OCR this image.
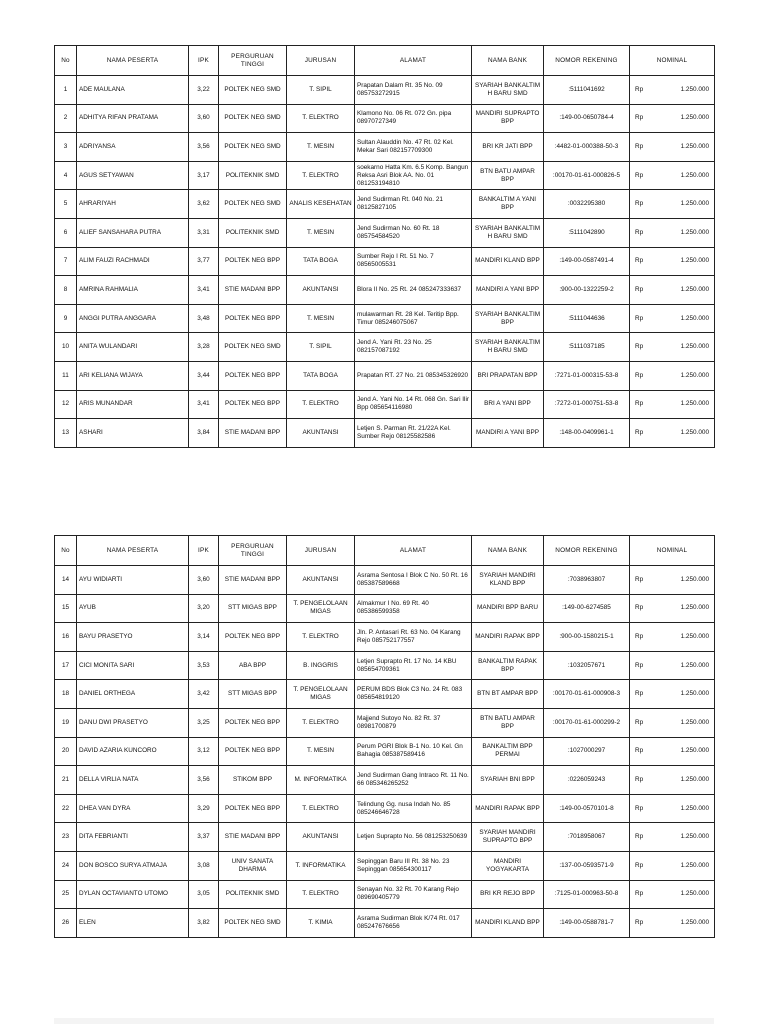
No	NAMA PESERTA	IPK	PERGURUAN TINGGI	JURUSAN	ALAMAT	NAMA BANK	NOMOR REKENING	NOMINAL
1	ADE MAULANA	3,22	POLTEK NEG SMD	T. SIPIL	Prapatan Dalam Rt. 35 No. 09 085753272915	SYARIAH BANKALTIM H BARU SMD	:5111041692	Rp 1.250.000

2	ADHITYA RIFAN PRATAMA	3,60	POLTEK NEG SMD	T. ELEKTRO	Klamono No. 06 Rt. 072 Gn. pipa 08970727349	MANDIRI SUPRAPTO BPP	:149-00-0650784-4	Rp 1.250.000

3	ADRIYANSA	3,56	POLTEK NEG SMD	T. MESIN	Sultan Alauddin No. 47 Rt. 02 Kel. Mekar Sari 082157709300	BRI KR JATI BPP	:4482-01-000388-50-3	Rp 1.250.000

4	AGUS SETYAWAN	3,17	POLITEKNIK SMD	T. ELEKTRO	soekarno Hatta Km. 6.5 Komp. Bangun Reksa Asri Blok AA. No. 01 081253194810	BTN BATU AMPAR BPP	:00170-01-61-000826-5	Rp 1.250.000

5	AHRARIYAH	3,62	POLTEK NEG SMD	ANALIS KESEHATAN	Jend Sudirman Rt. 040 No. 21 08125827105	BANKALTIM A YANI BPP	:0032295380	Rp 1.250.000

6	ALIEF SANSAHARA PUTRA	3,31	POLITEKNIK SMD	T. MESIN	Jend Sudirman No. 60 Rt. 18 085754584520	SYARIAH BANKALTIM H BARU SMD	:5111042890	Rp 1.250.000

7	ALIM FAUZI RACHMADI	3,77	POLTEK NEG BPP	TATA BOGA	Sumber Rejo I Rt. 51 No. 7 08565005531	MANDIRI KLAND BPP	:149-00-0587491-4	Rp 1.250.000

8	AMRINA RAHMALIA	3,41	STIE MADANI BPP	AKUNTANSI	Blora II No. 25 Rt. 24 085247333637	MANDIRI A YANI BPP	:900-00-1322259-2	Rp 1.250.000

9	ANGGI PUTRA ANGGARA	3,48	POLTEK NEG BPP	T. MESIN	mulawarman Rt. 28 Kel. Teritip Bpp. Timur 085246075067	SYARIAH BANKALTIM BPP	:5111044636	Rp 1.250.000

10	ANITA WULANDARI	3,28	POLTEK NEG SMD	T. SIPIL	Jend A. Yani Rt. 23 No. 25 082157087192	SYARIAH BANKALTIM H BARU SMD	:5111037185	Rp 1.250.000

11	ARI KELIANA WIJAYA	3,44	POLTEK NEG BPP	TATA BOGA	Prapatan RT. 27 No. 21 085345326920	BRI PRAPATAN BPP	:7271-01-000315-53-8	Rp 1.250.000

12	ARIS MUNANDAR	3,41	POLTEK NEG BPP	T. ELEKTRO	Jend A. Yani No. 14 Rt. 068 Gn. Sari Ilir Bpp 085654116980	BRI A YANI BPP	:7272-01-000751-53-8	Rp 1.250.000

13	ASHARI	3,84	STIE MADANI BPP	AKUNTANSI	Letjen S. Parman Rt. 21/22A Kel. Sumber Rejo 08125582586	MANDIRI A YANI BPP	:148-00-0409961-1	Rp 1.250.000
No	NAMA PESERTA	IPK	PERGURUAN TINGGI	JURUSAN	ALAMAT	NAMA BANK	NOMOR REKENING	NOMINAL
14	AYU WIDIARTI	3,60	STIE MADANI BPP	AKUNTANSI	Asrama Sentosa I Blok C No. 50 Rt. 16 085387589668	SYARIAH MANDIRI KLAND BPP	:7038963807	Rp 1.250.000

15	AYUB	3,20	STT MIGAS BPP	T. PENGELOLAAN MIGAS	Almakmur I No. 69 Rt. 40 085386599358	MANDIRI BPP BARU	:149-00-6274585	Rp 1.250.000

16	BAYU PRASETYO	3,14	POLTEK NEG BPP	T. ELEKTRO	Jln. P. Antasari Rt. 63 No. 04 Karang Rejo 085752177557	MANDIRI RAPAK BPP	:900-00-1580215-1	Rp 1.250.000

17	CICI MONITA SARI	3,53	ABA BPP	B. INGGRIS	Letjen Suprapto Rt. 17 No. 14 KBU 085654709361	BANKALTIM RAPAK BPP	:1032057671	Rp 1.250.000

18	DANIEL ORTHEGA	3,42	STT MIGAS BPP	T. PENGELOLAAN MIGAS	PERUM BDS Blok C3 No. 24 Rt. 083 085654819120	BTN BT AMPAR BPP	:00170-01-61-000908-3	Rp 1.250.000

19	DANU DWI PRASETYO	3,25	POLTEK NEG BPP	T. ELEKTRO	Majjend Sutoyo No. 82 Rt. 37 08981700879	BTN BATU AMPAR BPP	:00170-01-61-000299-2	Rp 1.250.000

20	DAVID AZARIA KUNCORO	3,12	POLTEK NEG BPP	T. MESIN	Perum PGRI Blok B-1 No. 10 Kel. Gn Bahagia 085387589416	BANKALTIM BPP PERMAI	:1027000297	Rp 1.250.000

21	DELLA VIRLIA NATA	3,56	STIKOM BPP	M. INFORMATIKA	Jend Sudirman Gang Intraco Rt. 11 No. 66 085346265252	SYARIAH BNI BPP	:0226059243	Rp 1.250.000

22	DHEA VAN DYRA	3,29	POLTEK NEG BPP	T. ELEKTRO	Telindung Gg. nusa Indah No. 85 085246646728	MANDIRI RAPAK BPP	:149-00-0570101-8	Rp 1.250.000

23	DITA FEBRIANTI	3,37	STIE MADANI BPP	AKUNTANSI	Letjen Suprapto No. 56 081253250639	SYARIAH MANDIRI SUPRAPTO BPP	:7018958067	Rp 1.250.000

24	DON BOSCO SURYA ATMAJA	3,08	UNIV SANATA DHARMA	T. INFORMATIKA	Sepinggan Baru III Rt. 38 No. 23 Sepinggan 085654300117	MANDIRI YOGYAKARTA	:137-00-0593571-9	Rp 1.250.000

25	DYLAN OCTAVIANTO UTOMO	3,05	POLITEKNIK SMD	T. ELEKTRO	Senayan No. 32 Rt. 70 Karang Rejo 089690405779	BRI KR REJO BPP	:7125-01-000963-50-8	Rp 1.250.000

26	ELEN	3,82	POLTEK NEG SMD	T. KIMIA	Asrama Sudirman Blok K/74 Rt. 017 085247676656	MANDIRI KLAND BPP	:149-00-0588781-7	Rp 1.250.000
